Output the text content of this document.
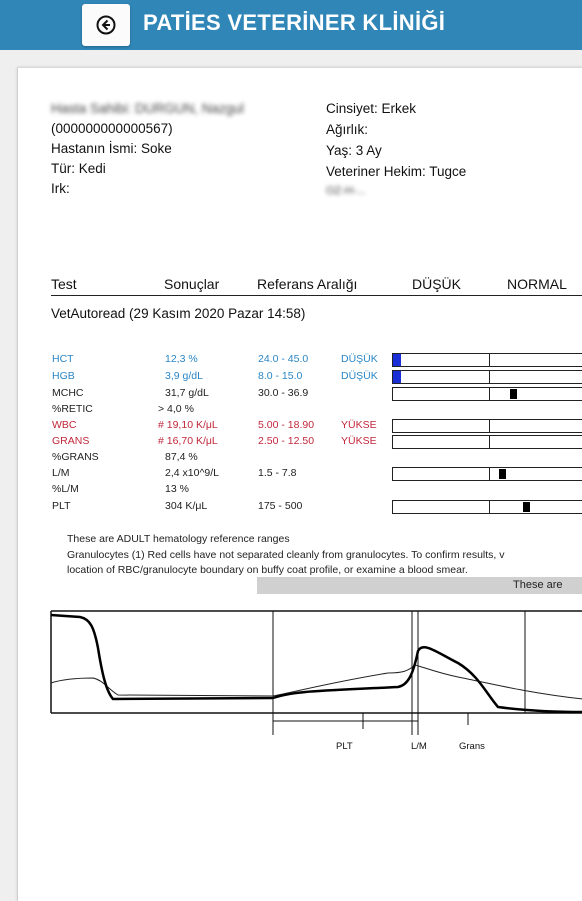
PATİES VETERİNER KLİNİĞİ
Hasta Sahibi: DURGUN, Nazgul
(000000000000567)
Hastanın İsmi: Soke
Tür: Kedi
Irk:
Cinsiyet: Erkek
Ağırlık:
Yaş: 3 Ay
Veteriner Hekim: Tugce
OZ-H-...
Test	Sonuçlar	Referans Aralığı	DÜŞÜK	NORMAL
VetAutoread (29 Kasım 2020 Pazar 14:58)
HCT	12,3 %	24.0 - 45.0	DÜŞÜK
HGB	3,9 g/dL	8.0 - 15.0	DÜŞÜK
MCHC	31,7 g/dL	30.0 - 36.9
%RETIC	> 4,0 %
WBC	# 19,10 K/μL	5.00 - 18.90	YÜKSE
GRANS	# 16,70 K/μL	2.50 - 12.50	YÜKSE
%GRANS	87,4 %
L/M	2,4 x10^9/L	1.5 - 7.8
%L/M	13 %
PLT	304 K/μL	175 - 500
These are ADULT hematology reference ranges
Granulocytes (1) Red cells have not separated cleanly from granulocytes. To confirm results, v
location of RBC/granulocyte boundary on buffy coat profile, or examine a blood smear.
These are
PLT	L/M	Grans
